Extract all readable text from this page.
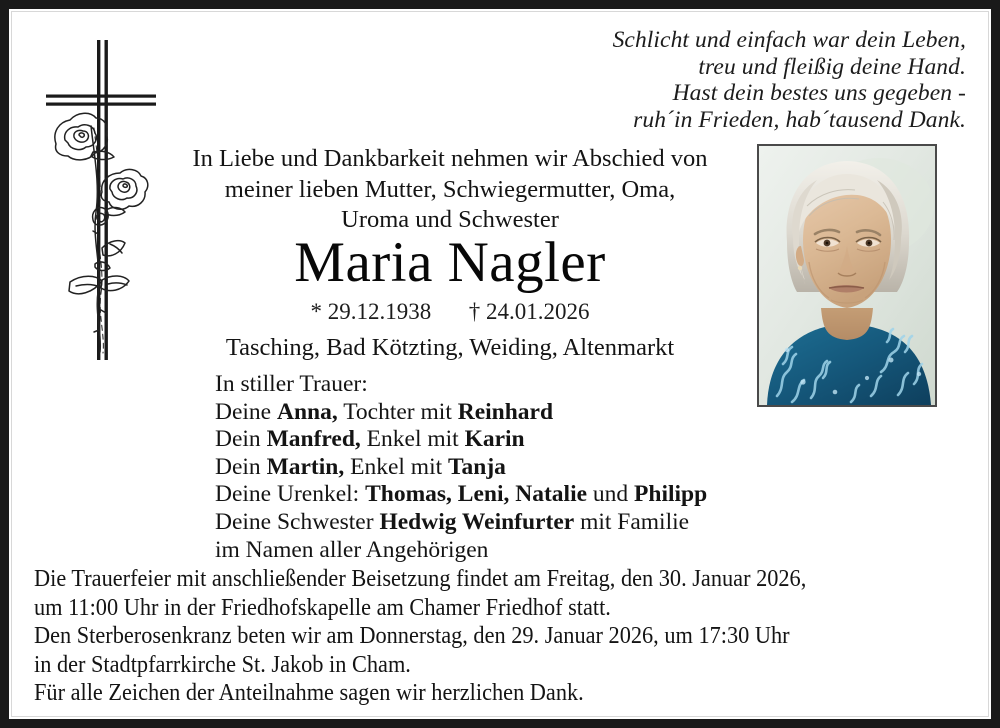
Schlicht und einfach war dein Leben,
treu und fleißig deine Hand.
Hast dein bestes uns gegeben -
ruh´in Frieden, hab´tausend Dank.
In Liebe und Dankbarkeit nehmen wir Abschied von
meiner lieben Mutter, Schwiegermutter, Oma,
Uroma und Schwester
Maria Nagler
* 29.12.1938 † 24.01.2026
Tasching, Bad Kötzting, Weiding, Altenmarkt
In stiller Trauer:
Deine Anna, Tochter mit Reinhard
Dein Manfred, Enkel mit Karin
Dein Martin, Enkel mit Tanja
Deine Urenkel: Thomas, Leni, Natalie und Philipp
Deine Schwester Hedwig Weinfurter mit Familie
im Namen aller Angehörigen
Die Trauerfeier mit anschließender Beisetzung findet am Freitag, den 30. Januar 2026,
um 11:00 Uhr in der Friedhofskapelle am Chamer Friedhof statt.
Den Sterberosenkranz beten wir am Donnerstag, den 29. Januar 2026, um 17:30 Uhr
in der Stadtpfarrkirche St. Jakob in Cham.
Für alle Zeichen der Anteilnahme sagen wir herzlichen Dank.
